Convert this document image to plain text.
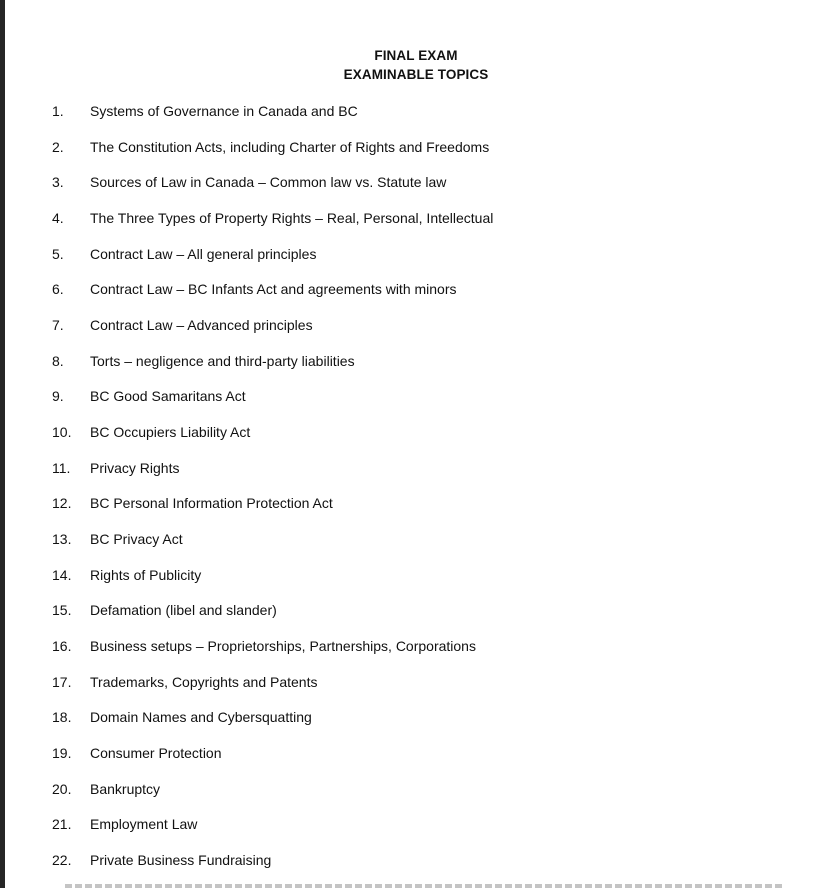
FINAL EXAM
EXAMINABLE TOPICS
1.	Systems of Governance in Canada and BC
2.	The Constitution Acts, including Charter of Rights and Freedoms
3.	Sources of Law in Canada – Common law vs. Statute law
4.	The Three Types of Property Rights – Real, Personal, Intellectual
5.	Contract Law – All general principles
6.	Contract Law – BC Infants Act and agreements with minors
7.	Contract Law – Advanced principles
8.	Torts – negligence and third-party liabilities
9.	BC Good Samaritans Act
10.	BC Occupiers Liability Act
11.	Privacy Rights
12.	BC Personal Information Protection Act
13.	BC Privacy Act
14.	Rights of Publicity
15.	Defamation (libel and slander)
16.	Business setups – Proprietorships, Partnerships, Corporations
17.	Trademarks, Copyrights and Patents
18.	Domain Names and Cybersquatting
19.	Consumer Protection
20.	Bankruptcy
21.	Employment Law
22.	Private Business Fundraising
